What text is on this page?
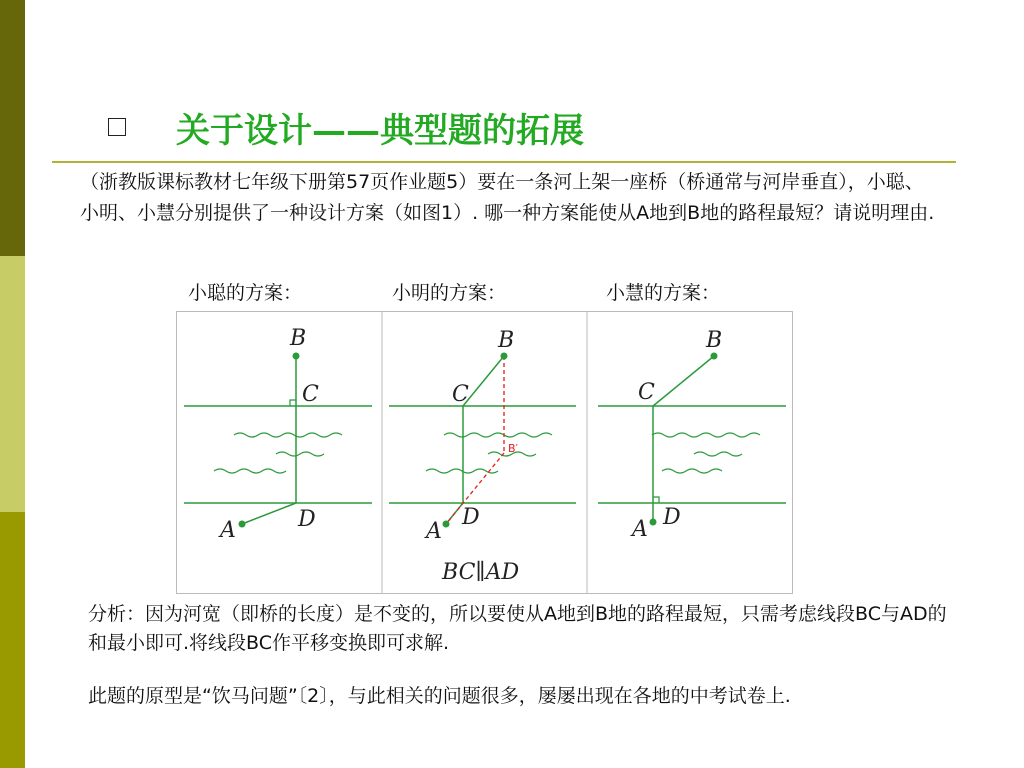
关于设计——典型题的拓展
（浙教版课标教材七年级下册第57页作业题5）要在一条河上架一座桥（桥通常与河岸垂直），小聪、小明、小慧分别提供了一种设计方案（如图1）. 哪一种方案能使从A地到B地的路程最短？请说明理由.
小聪的方案：	小明的方案：	小慧的方案：
B
C
D
A
B
C
B′
D
A
BC∥AD
B
C
D
A
分析：因为河宽（即桥的长度）是不变的，所以要使从A地到B地的路程最短，只需考虑线段BC与AD的和最小即可.将线段BC作平移变换即可求解.
此题的原型是“饮马问题”〔2〕，与此相关的问题很多，屡屡出现在各地的中考试卷上.
